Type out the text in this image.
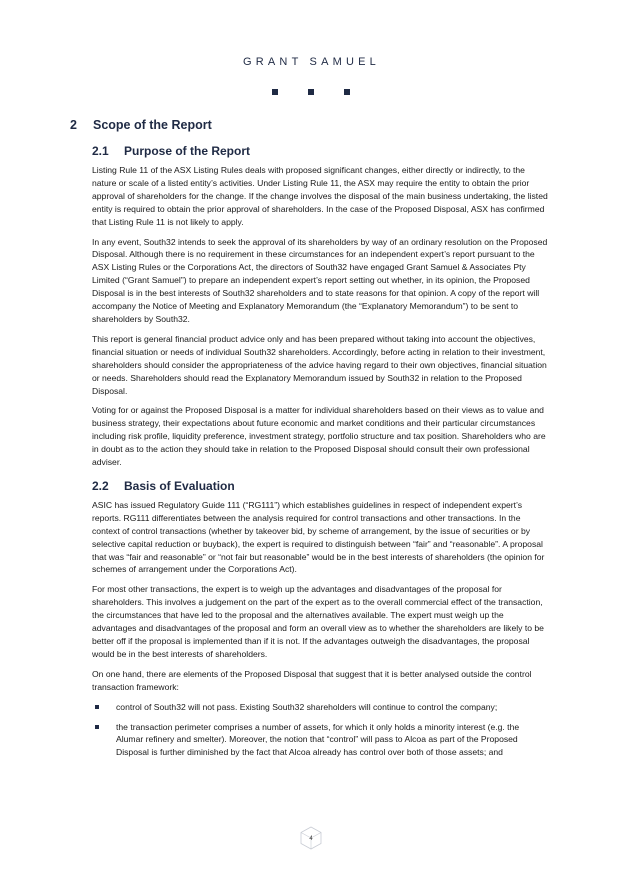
GRANT SAMUEL
2	Scope of the Report
2.1	Purpose of the Report

Listing Rule 11 of the ASX Listing Rules deals with proposed significant changes, either directly or indirectly, to the nature or scale of a listed entity’s activities. Under Listing Rule 11, the ASX may require the entity to obtain the prior approval of shareholders for the change. If the change involves the disposal of the main business undertaking, the listed entity is required to obtain the prior approval of shareholders. In the case of the Proposed Disposal, ASX has confirmed that Listing Rule 11 is not likely to apply.

In any event, South32 intends to seek the approval of its shareholders by way of an ordinary resolution on the Proposed Disposal. Although there is no requirement in these circumstances for an independent expert’s report pursuant to the ASX Listing Rules or the Corporations Act, the directors of South32 have engaged Grant Samuel & Associates Pty Limited (“Grant Samuel”) to prepare an independent expert’s report setting out whether, in its opinion, the Proposed Disposal is in the best interests of South32 shareholders and to state reasons for that opinion. A copy of the report will accompany the Notice of Meeting and Explanatory Memorandum (the “Explanatory Memorandum”) to be sent to shareholders by South32.

This report is general financial product advice only and has been prepared without taking into account the objectives, financial situation or needs of individual South32 shareholders. Accordingly, before acting in relation to their investment, shareholders should consider the appropriateness of the advice having regard to their own objectives, financial situation or needs. Shareholders should read the Explanatory Memorandum issued by South32 in relation to the Proposed Disposal.

Voting for or against the Proposed Disposal is a matter for individual shareholders based on their views as to value and business strategy, their expectations about future economic and market conditions and their particular circumstances including risk profile, liquidity preference, investment strategy, portfolio structure and tax position. Shareholders who are in doubt as to the action they should take in relation to the Proposed Disposal should consult their own professional adviser.

2.2	Basis of Evaluation

ASIC has issued Regulatory Guide 111 (“RG111”) which establishes guidelines in respect of independent expert’s reports. RG111 differentiates between the analysis required for control transactions and other transactions. In the context of control transactions (whether by takeover bid, by scheme of arrangement, by the issue of securities or by selective capital reduction or buyback), the expert is required to distinguish between “fair” and “reasonable”. A proposal that was “fair and reasonable” or “not fair but reasonable” would be in the best interests of shareholders (the opinion for schemes of arrangement under the Corporations Act).

For most other transactions, the expert is to weigh up the advantages and disadvantages of the proposal for shareholders. This involves a judgement on the part of the expert as to the overall commercial effect of the transaction, the circumstances that have led to the proposal and the alternatives available. The expert must weigh up the advantages and disadvantages of the proposal and form an overall view as to whether the shareholders are likely to be better off if the proposal is implemented than if it is not. If the advantages outweigh the disadvantages, the proposal would be in the best interests of shareholders.

On one hand, there are elements of the Proposed Disposal that suggest that it is better analysed outside the control transaction framework:

control of South32 will not pass. Existing South32 shareholders will continue to control the company;
the transaction perimeter comprises a number of assets, for which it only holds a minority interest (e.g. the Alumar refinery and smelter). Moreover, the notion that “control” will pass to Alcoa as part of the Proposed Disposal is further diminished by the fact that Alcoa already has control over both of those assets; and
4
